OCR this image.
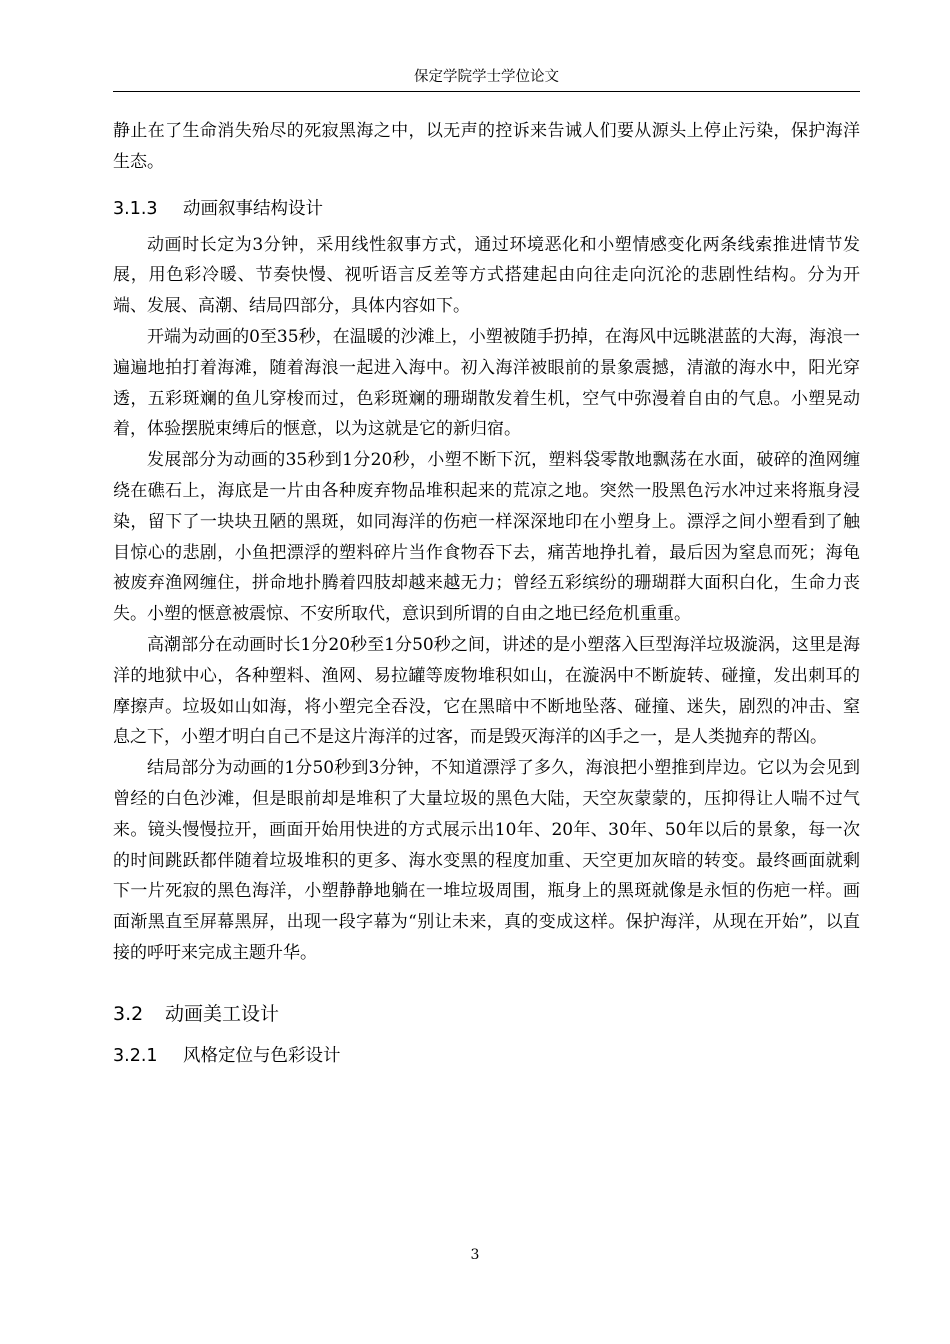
保定学院学士学位论文

静止在了生命消失殆尽的死寂黑海之中，以无声的控诉来告诫人们要从源头上停止污染，保护海洋生态。

3.1.3 动画叙事结构设计

动画时长定为3分钟，采用线性叙事方式，通过环境恶化和小塑情感变化两条线索推进情节发展，用色彩冷暖、节奏快慢、视听语言反差等方式搭建起由向往走向沉沦的悲剧性结构。分为开端、发展、高潮、结局四部分，具体内容如下。

开端为动画的0至35秒，在温暖的沙滩上，小塑被随手扔掉，在海风中远眺湛蓝的大海，海浪一遍遍地拍打着海滩，随着海浪一起进入海中。初入海洋被眼前的景象震撼，清澈的海水中，阳光穿透，五彩斑斓的鱼儿穿梭而过，色彩斑斓的珊瑚散发着生机，空气中弥漫着自由的气息。小塑晃动着，体验摆脱束缚后的惬意，以为这就是它的新归宿。

发展部分为动画的35秒到1分20秒，小塑不断下沉，塑料袋零散地飘荡在水面，破碎的渔网缠绕在礁石上，海底是一片由各种废弃物品堆积起来的荒凉之地。突然一股黑色污水冲过来将瓶身浸染，留下了一块块丑陋的黑斑，如同海洋的伤疤一样深深地印在小塑身上。漂浮之间小塑看到了触目惊心的悲剧，小鱼把漂浮的塑料碎片当作食物吞下去，痛苦地挣扎着，最后因为窒息而死；海龟被废弃渔网缠住，拼命地扑腾着四肢却越来越无力；曾经五彩缤纷的珊瑚群大面积白化，生命力丧失。小塑的惬意被震惊、不安所取代，意识到所谓的自由之地已经危机重重。

高潮部分在动画时长1分20秒至1分50秒之间，讲述的是小塑落入巨型海洋垃圾漩涡，这里是海洋的地狱中心，各种塑料、渔网、易拉罐等废物堆积如山，在漩涡中不断旋转、碰撞，发出刺耳的摩擦声。垃圾如山如海，将小塑完全吞没，它在黑暗中不断地坠落、碰撞、迷失，剧烈的冲击、窒息之下，小塑才明白自己不是这片海洋的过客，而是毁灭海洋的凶手之一，是人类抛弃的帮凶。

结局部分为动画的1分50秒到3分钟，不知道漂浮了多久，海浪把小塑推到岸边。它以为会见到曾经的白色沙滩，但是眼前却是堆积了大量垃圾的黑色大陆，天空灰蒙蒙的，压抑得让人喘不过气来。镜头慢慢拉开，画面开始用快进的方式展示出10年、20年、30年、50年以后的景象，每一次的时间跳跃都伴随着垃圾堆积的更多、海水变黑的程度加重、天空更加灰暗的转变。最终画面就剩下一片死寂的黑色海洋，小塑静静地躺在一堆垃圾周围，瓶身上的黑斑就像是永恒的伤疤一样。画面渐黑直至屏幕黑屏，出现一段字幕为“别让未来，真的变成这样。保护海洋，从现在开始”，以直接的呼吁来完成主题升华。

3.2 动画美工设计

3.2.1 风格定位与色彩设计

3
